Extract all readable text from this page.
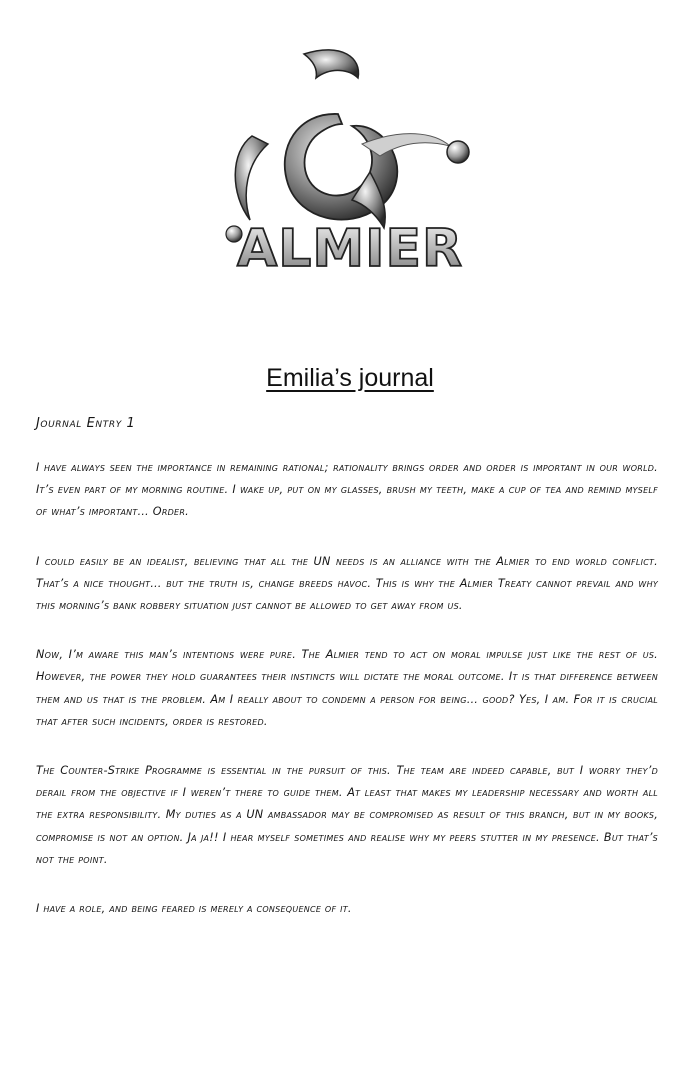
ALMIER
Emilia’s journal
Journal Entry 1

I have always seen the importance in remaining rational; rationality brings order and order is important in our world. It’s even part of my morning routine. I wake up, put on my glasses, brush my teeth, make a cup of tea and remind myself of what’s important… Order.

I could easily be an idealist, believing that all the UN needs is an alliance with the Almier to end world conflict. That’s a nice thought… but the truth is, change breeds havoc. This is why the Almier Treaty cannot prevail and why this morning’s bank robbery situation just cannot be allowed to get away from us.

Now, I’m aware this man’s intentions were pure. The Almier tend to act on moral impulse just like the rest of us. However, the power they hold guarantees their instincts will dictate the moral outcome. It is that difference between them and us that is the problem. Am I really about to condemn a person for being… good? Yes, I am. For it is crucial that after such incidents, order is restored.

The Counter-Strike Programme is essential in the pursuit of this. The team are indeed capable, but I worry they’d derail from the objective if I weren’t there to guide them. At least that makes my leadership necessary and worth all the extra responsibility. My duties as a UN ambassador may be compromised as result of this branch, but in my books, compromise is not an option. Ja ja!! I hear myself sometimes and realise why my peers stutter in my presence. But that’s not the point.

I have a role, and being feared is merely a consequence of it.
